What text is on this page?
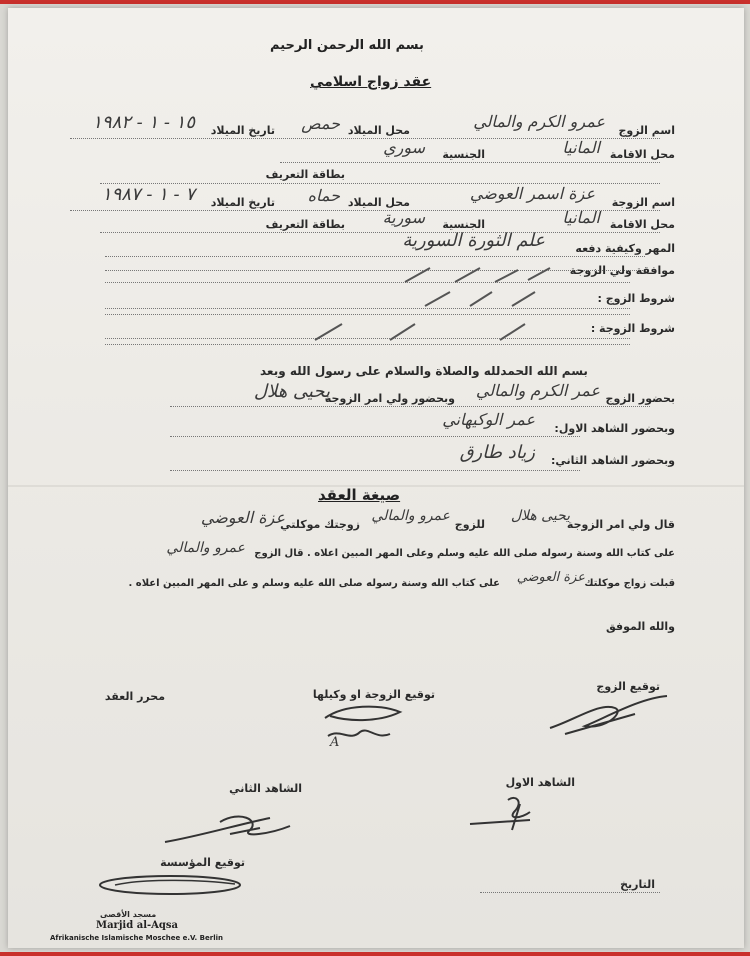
بسم الله الرحمن الرحيم
عقد زواج اسلامي
اسم الزوج
عمرو الكرم والمالي
محل الميلاد
حمص
تاريخ الميلاد
١٥ - ١ - ١٩٨٢
محل الاقامة
المانيا
الجنسية
سوري
بطاقة التعريف
اسم الزوجة
عزة اسمر العوضي
محل الميلاد
حماه
تاريخ الميلاد
٧ - ١ - ١٩٨٧
محل الاقامة
المانيا
الجنسية
سورية
بطاقة التعريف
المهر وكيفية دفعه
علم الثورة السورية
موافقة ولي الزوجة
شروط الزوج :
شروط الزوجة :
بسم الله الحمدلله والصلاة والسلام على رسول الله وبعد
بحضور الزوج
عمر الكرم والمالي
وبحضور ولي امر الزوجة
يحيى هلال
وبحضور الشاهد الاول:
عمر الوكيهاني
وبحضور الشاهد الثاني:
زياد طارق
صيغة العقد
قال ولي امر الزوجة
يحيى هلال
للزوج
عمرو والمالي
زوجتك موكلتي
عزة العوضي
على كتاب الله وسنة رسوله صلى الله عليه وسلم وعلى المهر المبين اعلاه . قال الزوج
عمرو والمالي
قبلت زواج موكلتك
عزة العوضي
على كتاب الله وسنة رسوله صلى الله عليه وسلم و على المهر المبين اعلاه .
والله الموفق
توقيع الزوج
توقيع الزوجة او وكيلها
A
محرر العقد
الشاهد الاول
الشاهد الثاني
توقيع المؤسسة
التاريخ
مسجد الأقصى
Marjid al-Aqsa
Afrikanische Islamische Moschee e.V. Berlin
